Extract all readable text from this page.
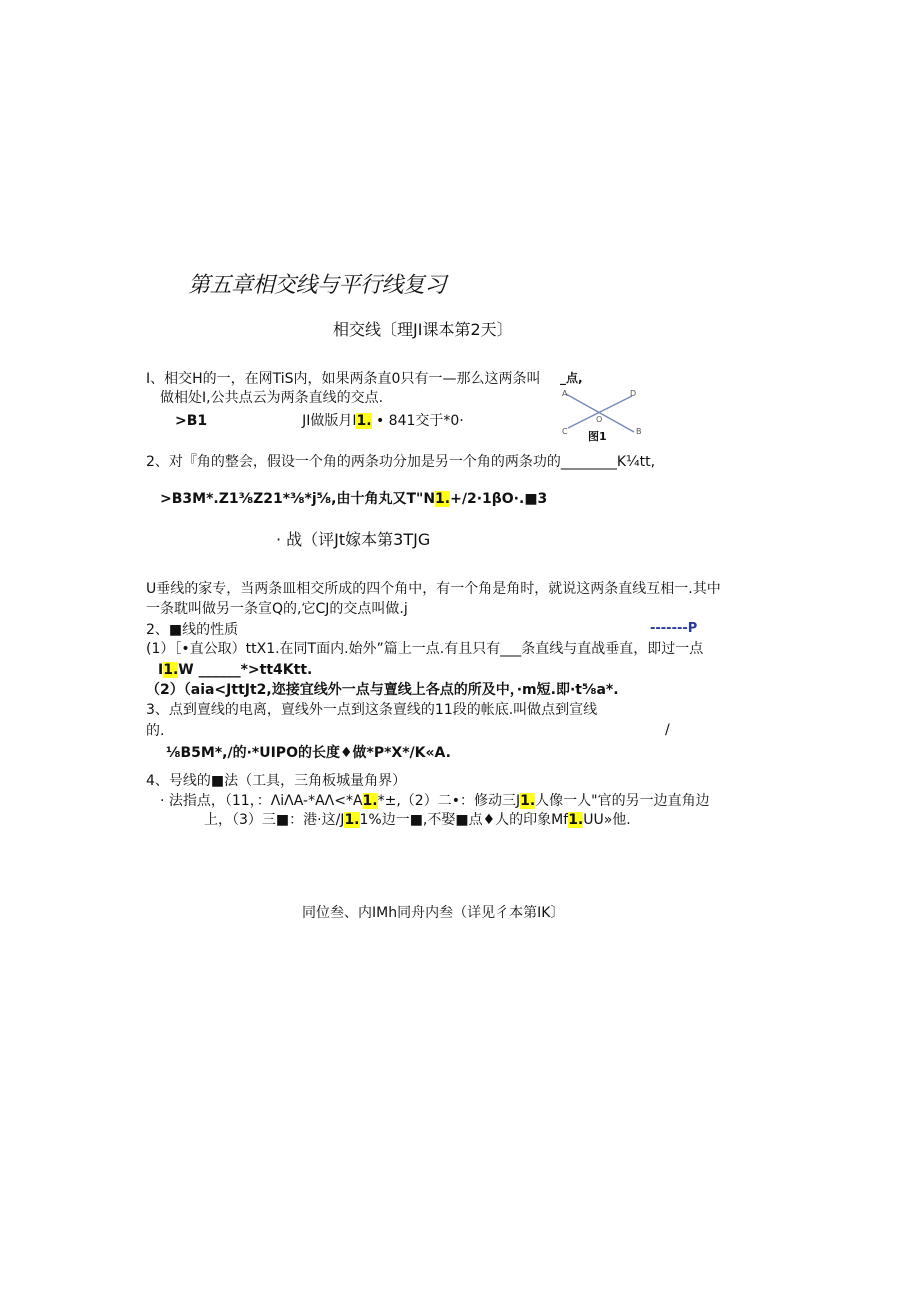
第五章相交线与平行线复习
相交线〔理JI课本第2天〕
I、相交H的一，在网TiS内，如果两条直0只有一—那么这两条叫
做相处I,公共点云为两条直线的交点.
>B1	JI做版月I1. • 841交于*0·
_点,
A	D
C	B
O
图1
2、对『角的整会，假设一个角的两条功分加是另一个角的两条功的________K¼tt,
>B3M*.Z1⅜Z21*⅜*j⅝,由十角丸又T"N1.+∕2·1βO·.■3
· 战（评Jt嫁本第3TJG
U垂线的家专，当两条皿相交所成的四个角中，有一个角是角时，就说这两条直线互相一.其中
一条耽叫做另一条宣Q的,它CJ的交点叫做.j
2、■线的性质	-------P
(1）［•直公取）ttX1.在同T面内.始外”篇上一点.有且只有___条直线与直战垂直，即过一点
I1.W ______*>tt4Ktt.
（2）（aia<JttJt2,迩接宜线外一点与亶线上各点的所及中，·m短.即·t⅝a*.
3、点到亶线的电离，亶线外一点到这条亶线的11段的帐底.叫做点到宣线
的.	/
⅛B5M*,∕的·*UIPO的长度♦做*P*X*/K«A.
4、号线的■法（工具，三角板城量角界）
· 法指点，（11，：ΛiΛA-*AΛ<*A1.*±,（2）二•：修动三J1.人像一人"官的另一边直角边
上，（3）三■：港·这/J1.1%边一■,不娶■点♦人的印象Mf1.UU»他.
同位叁、内IMh同舟内叁（详见彳本第IK〕
